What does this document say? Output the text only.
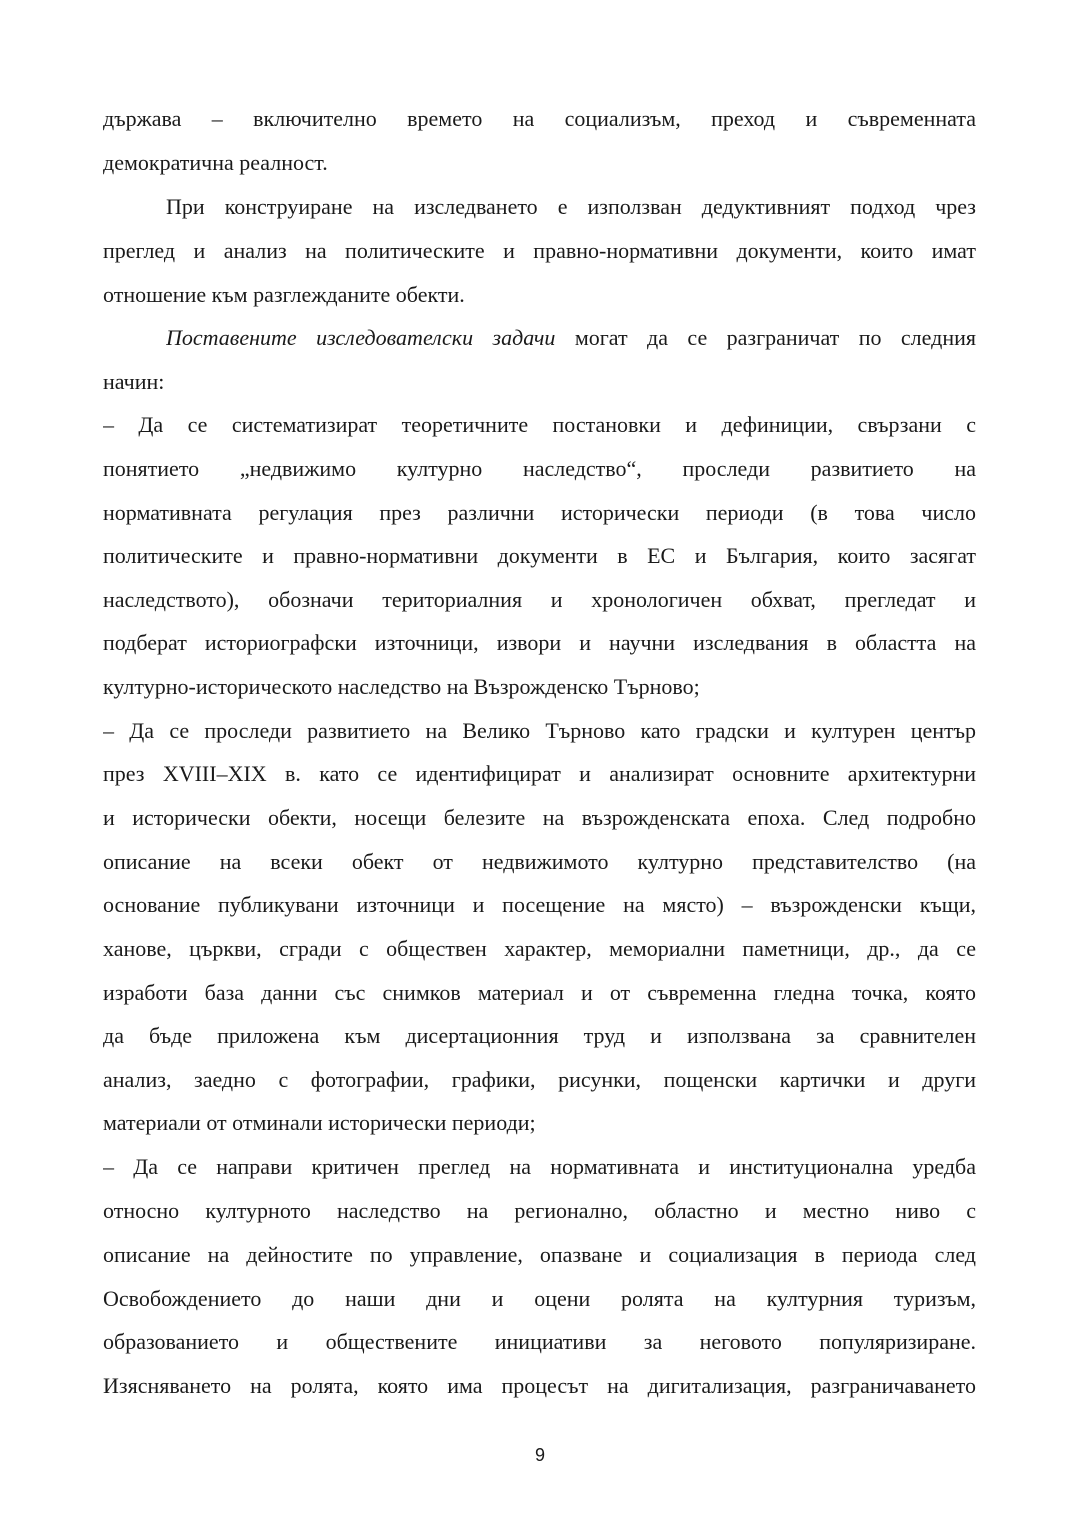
държава – включително времето на социализъм, преход и съвременната
демократична реалност.
При конструиране на изследването е използван дедуктивният подход чрез
преглед и анализ на политическите и правно-нормативни документи, които имат
отношение към разглежданите обекти.
Поставените изследователски задачи могат да се разграничат по следния
начин:
– Да се систематизират теоретичните постановки и дефиниции, свързани с
понятието „недвижимо културно наследство“, проследи развитието на
нормативната регулация през различни исторически периоди (в това число
политическите и правно-нормативни документи в ЕС и България, които засягат
наследството), обозначи териториалния и хронологичен обхват, прегледат и
подберат историографски източници, извори и научни изследвания в областта на
културно-историческото наследство на Възрожденско Търново;
– Да се проследи развитието на Велико Търново като градски и културен център
през XVIII–XIX в. като се идентифицират и анализират основните архитектурни
и исторически обекти, носещи белезите на възрожденската епоха. След подробно
описание на всеки обект от недвижимото културно представителство (на
основание публикувани източници и посещение на място) – възрожденски къщи,
ханове, църкви, сгради с обществен характер, мемориални паметници, др., да се
изработи база данни със снимков материал и от съвременна гледна точка, която
да бъде приложена към дисертационния труд и използвана за сравнителен
анализ, заедно с фотографии, графики, рисунки, пощенски картички и други
материали от отминали исторически периоди;
– Да се направи критичен преглед на нормативната и институционална уредба
относно културното наследство на регионално, областно и местно ниво с
описание на дейностите по управление, опазване и социализация в периода след
Освобождението до наши дни и оцени ролята на културния туризъм,
образованието и обществените инициативи за неговото популяризиране.
Изясняването на ролята, която има процесът на дигитализация, разграничаването
9
